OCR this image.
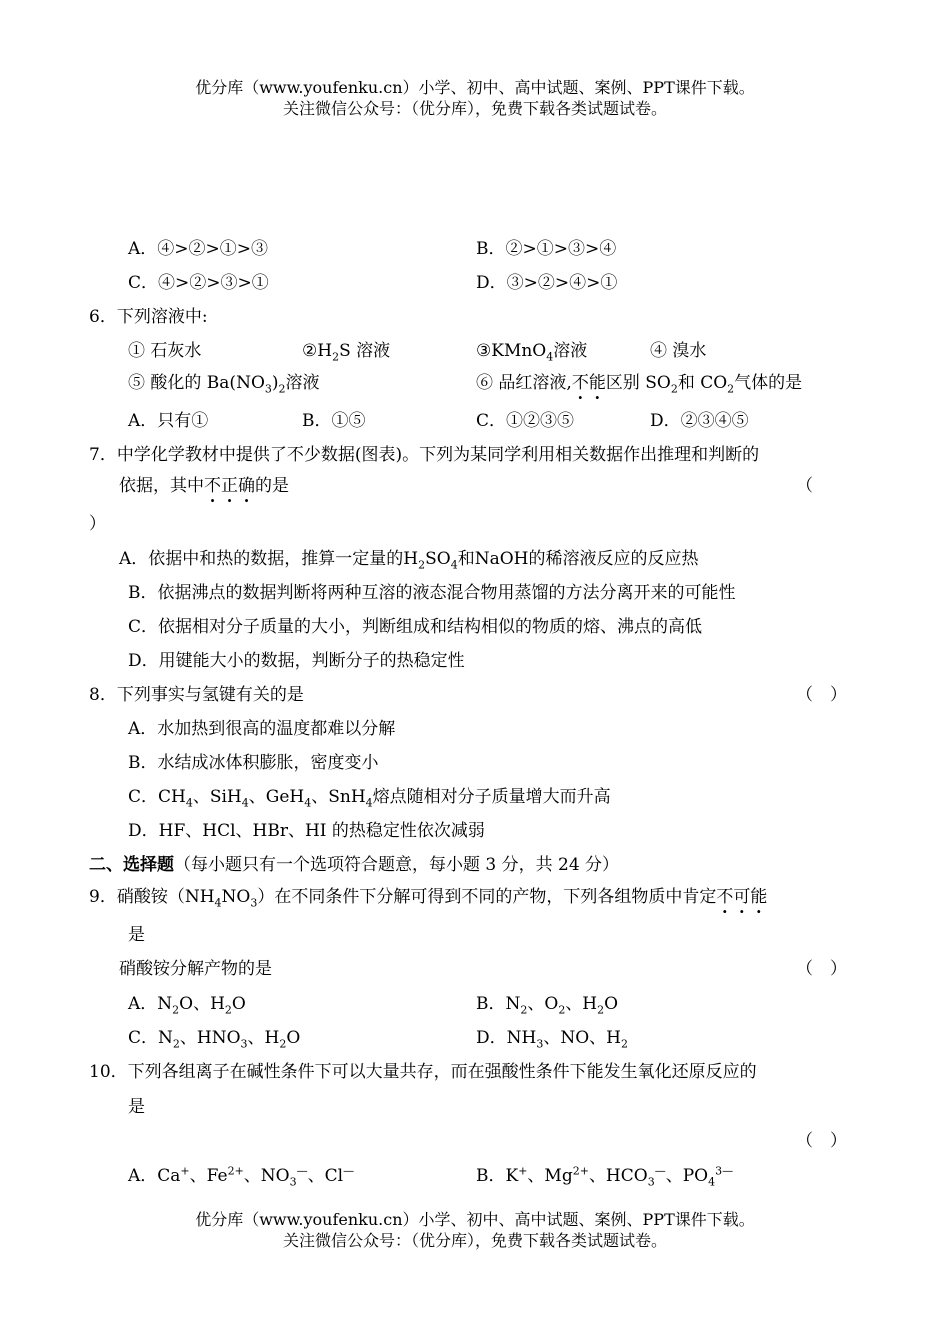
优分库（www.youfenku.cn）小学、初中、高中试题、案例、PPT课件下载。
关注微信公众号：（优分库），免费下载各类试题试卷。
A．④>②>①>③	B．②>①>③>④
C．④>②>③>①	D．③>②>④>①
6．下列溶液中:
① 石灰水	$②H_2S$ 溶液	③KMnO$_4$溶液	④ 溴水
⑤ 酸化的 $Ba(NO_3)_2$溶液	⑥ 品红溶液,不能区别 $SO_2$和 $CO_2$气体的是
A．只有①	B．①⑤	C．①②③⑤	D．②③④⑤
7．中学化学教材中提供了不少数据(图表)。下列为某同学利用相关数据作出推理和判断的
依据，其中不正确的是	（
）
A．依据中和热的数据，推算一定量的$H_2SO_4$和NaOH的稀溶液反应的反应热
B．依据沸点的数据判断将两种互溶的液态混合物用蒸馏的方法分离开来的可能性
C．依据相对分子质量的大小，判断组成和结构相似的物质的熔、沸点的高低
D．用键能大小的数据，判断分子的热稳定性
8．下列事实与氢键有关的是	（　）
A．水加热到很高的温度都难以分解
B．水结成冰体积膨胀，密度变小
C．$CH_4$、SiH$_4$、GeH$_4$、SnH$_4$熔点随相对分子质量增大而升高
D．HF、HCl、HBr、HI 的热稳定性依次减弱
二、选择题（每小题只有一个选项符合题意，每小题 3 分，共 24 分）
9．硝酸铵$(NH_4NO_3)$在不同条件下分解可得到不同的产物，下列各组物质中肯定不可能
是
硝酸铵分解产物的是	（　）
A．$N_2O$、$H_2O$	B．$N_2$、$O_2$、$H_2O$
C．$N_2$、$HNO_3$、$H_2O$	D．$NH_3$、NO、$H_2$
10．下列各组离子在碱性条件下可以大量共存，而在强酸性条件下能发生氧化还原反应的
是
（　）
A．Ca+、$Fe^{2+}$、$NO_3^—$、Cl—	B．K+、$Mg^{2+}$、$HCO_3^—$、$PO_4^{3—}$
优分库（www.youfenku.cn）小学、初中、高中试题、案例、PPT课件下载。
关注微信公众号：（优分库），免费下载各类试题试卷。
